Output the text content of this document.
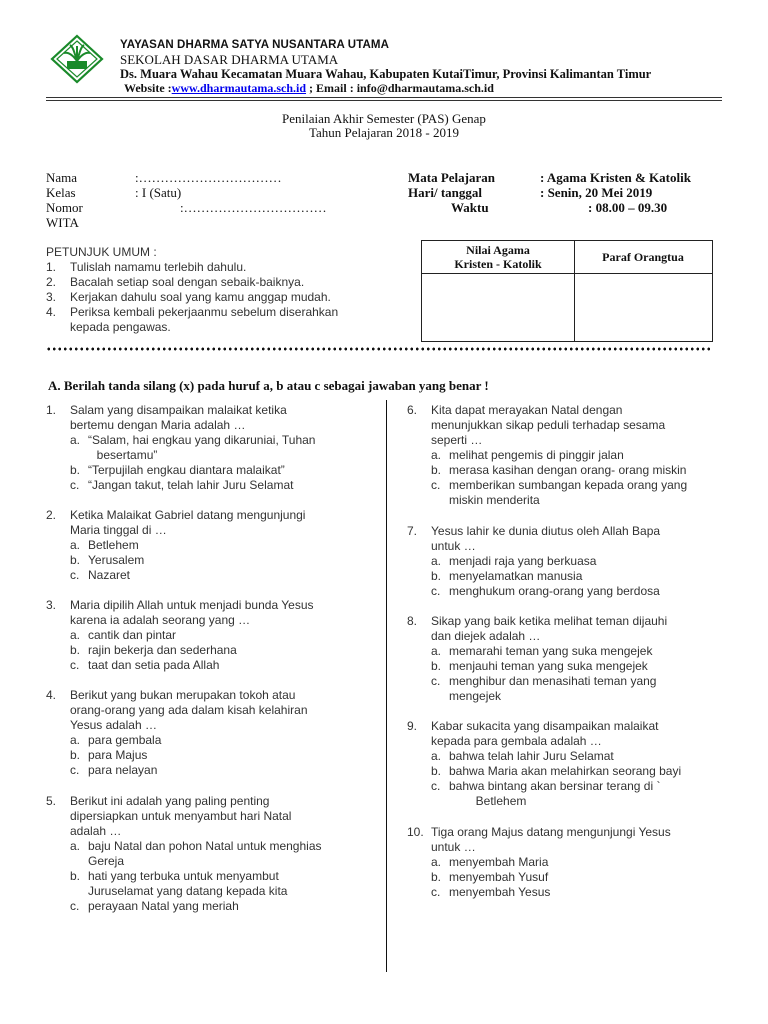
YAYASAN DHARMA SATYA NUSANTARA UTAMA
SEKOLAH DASAR DHARMA UTAMA
Ds. Muara Wahau Kecamatan Muara Wahau, Kabupaten KutaiTimur, Provinsi Kalimantan Timur
Website :www.dharmautama.sch.id ; Email : info@dharmautama.sch.id
Penilaian Akhir Semester (PAS) Genap
Tahun Pelajaran 2018 - 2019
Nama	:……………………………
Kelas	: I (Satu)
Nomor	:……………………………
WITA
Mata Pelajaran	: Agama Kristen & Katolik
Hari/ tanggal	: Senin, 20 Mei 2019
Waktu	: 08.00 – 09.30
PETUNJUK UMUM :
1. Tulislah namamu terlebih dahulu.
2. Bacalah setiap soal dengan sebaik-baiknya.
3. Kerjakan dahulu soal yang kamu anggap mudah.
4. Periksa kembali pekerjaanmu sebelum diserahkan
kepada pengawas.
Nilai Agama
Kristen - Katolik	Paraf Orangtua
A. Berilah tanda silang (x) pada huruf a, b atau c sebagai jawaban yang benar !
1. Salam yang disampaikan malaikat ketika
bertemu dengan Maria adalah …
a. “Salam, hai engkau yang dikaruniai, Tuhan
besertamu”
b. “Terpujilah engkau diantara malaikat”
c. “Jangan takut, telah lahir Juru Selamat
2. Ketika Malaikat Gabriel datang mengunjungi
Maria tinggal di …
a. Betlehem
b. Yerusalem
c. Nazaret
3. Maria dipilih Allah untuk menjadi bunda Yesus
karena ia adalah seorang yang …
a. cantik dan pintar
b. rajin bekerja dan sederhana
c. taat dan setia pada Allah
4. Berikut yang bukan merupakan tokoh atau
orang-orang yang ada dalam kisah kelahiran
Yesus adalah …
a. para gembala
b. para Majus
c. para nelayan
5. Berikut ini adalah yang paling penting
dipersiapkan untuk menyambut hari Natal
adalah …
a. baju Natal dan pohon Natal untuk menghias
Gereja
b. hati yang terbuka untuk menyambut
Juruselamat yang datang kepada kita
c. perayaan Natal yang meriah
6. Kita dapat merayakan Natal dengan
menunjukkan sikap peduli terhadap sesama
seperti …
a. melihat pengemis di pinggir jalan
b. merasa kasihan dengan orang- orang miskin
c. memberikan sumbangan kepada orang yang
miskin menderita
7. Yesus lahir ke dunia diutus oleh Allah Bapa
untuk …
a. menjadi raja yang berkuasa
b. menyelamatkan manusia
c. menghukum orang-orang yang berdosa
8. Sikap yang baik ketika melihat teman dijauhi
dan diejek adalah …
a. memarahi teman yang suka mengejek
b. menjauhi teman yang suka mengejek
c. menghibur dan menasihati teman yang
mengejek
9. Kabar sukacita yang disampaikan malaikat
kepada para gembala adalah …
a. bahwa telah lahir Juru Selamat
b. bahwa Maria akan melahirkan seorang bayi
c. bahwa bintang akan bersinar terang di `
Betlehem
10. Tiga orang Majus datang mengunjungi Yesus
untuk …
a. menyembah Maria
b. menyembah Yusuf
c. menyembah Yesus
